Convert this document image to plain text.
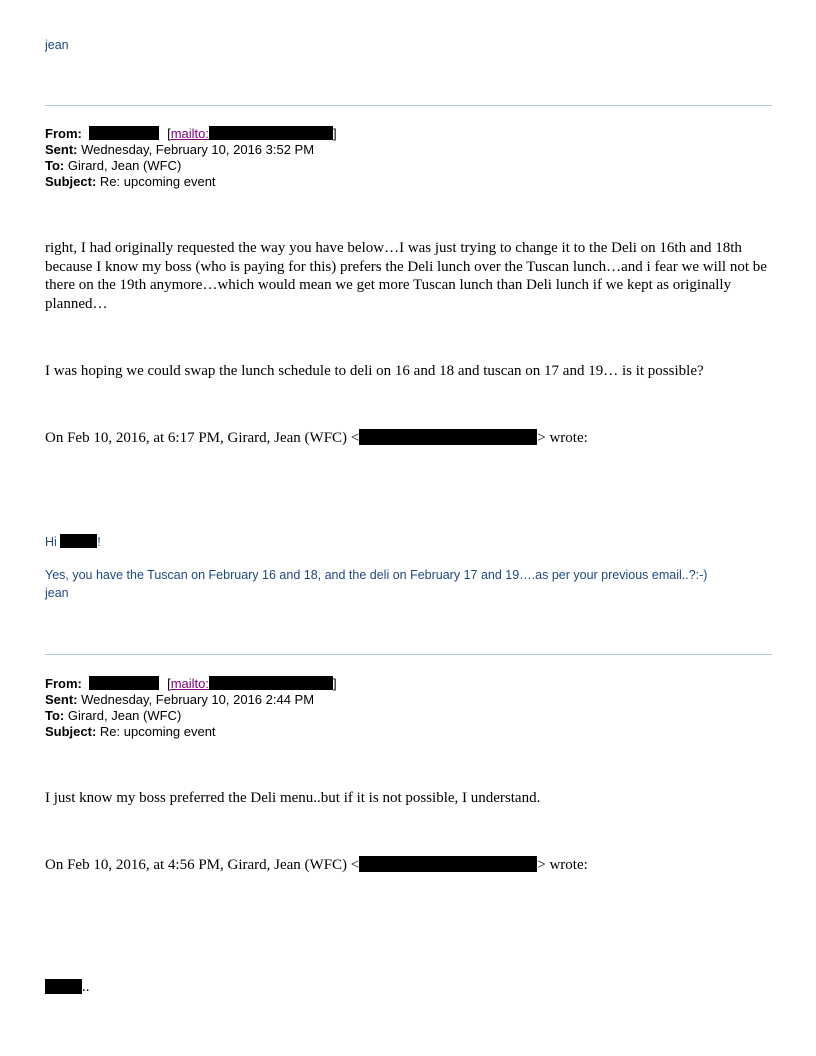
jean
From:	[mailto:	]
Sent: Wednesday, February 10, 2016 3:52 PM
To: Girard, Jean (WFC)
Subject: Re: upcoming event

right, I had originally requested the way you have below…I was just trying to change it to the Deli on 16th and 18th because I know my boss (who is paying for this) prefers the Deli lunch over the Tuscan lunch…and i fear we will not be there on the 19th anymore…which would mean we get more Tuscan lunch than Deli lunch if we kept as originally planned…

I was hoping we could swap the lunch schedule to deli on 16 and 18 and tuscan on 17 and 19… is it possible?

On Feb 10, 2016, at 6:17 PM, Girard, Jean (WFC) <	> wrote:
Hi	!
Yes, you have the Tuscan on February 16 and 18, and the deli on February 17 and 19….as per your previous email..?:-)
jean
From:	[mailto:	]
Sent: Wednesday, February 10, 2016 2:44 PM
To: Girard, Jean (WFC)
Subject: Re: upcoming event

I just know my boss preferred the Deli menu..but if it is not possible, I understand.

On Feb 10, 2016, at 4:56 PM, Girard, Jean (WFC) <	> wrote:
..
